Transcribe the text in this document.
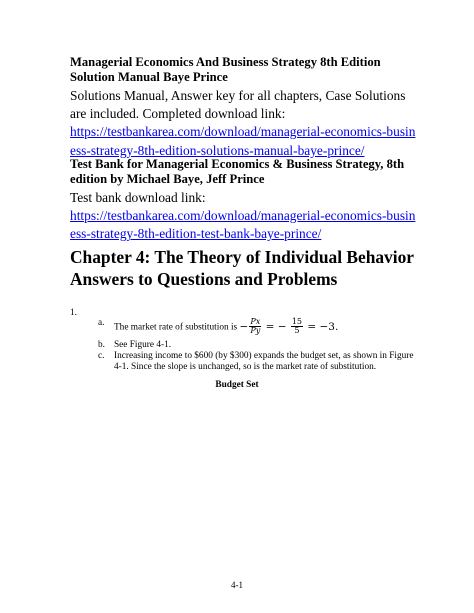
Managerial Economics And Business Strategy 8th Edition Solution Manual Baye Prince
Solutions Manual, Answer key for all chapters, Case Solutions are included. Completed download link:
https://testbankarea.com/download/managerial-economics-business-strategy-8th-edition-solutions-manual-baye-prince/
Test Bank for Managerial Economics & Business Strategy, 8th edition by Michael Baye, Jeff Prince
Test bank download link:
https://testbankarea.com/download/managerial-economics-business-strategy-8th-edition-test-bank-baye-prince/
Chapter 4: The Theory of Individual Behavior
Answers to Questions and Problems
1.
a. The market rate of substitution is − $\frac{Px}{Py}$ = − $\frac{15}{5} = -3$.
b. See Figure 4-1.
c. Increasing income to $600 (by $300) expands the budget set, as shown in Figure 4-1. Since the slope is unchanged, so is the market rate of substitution.
Budget Set
4-1
